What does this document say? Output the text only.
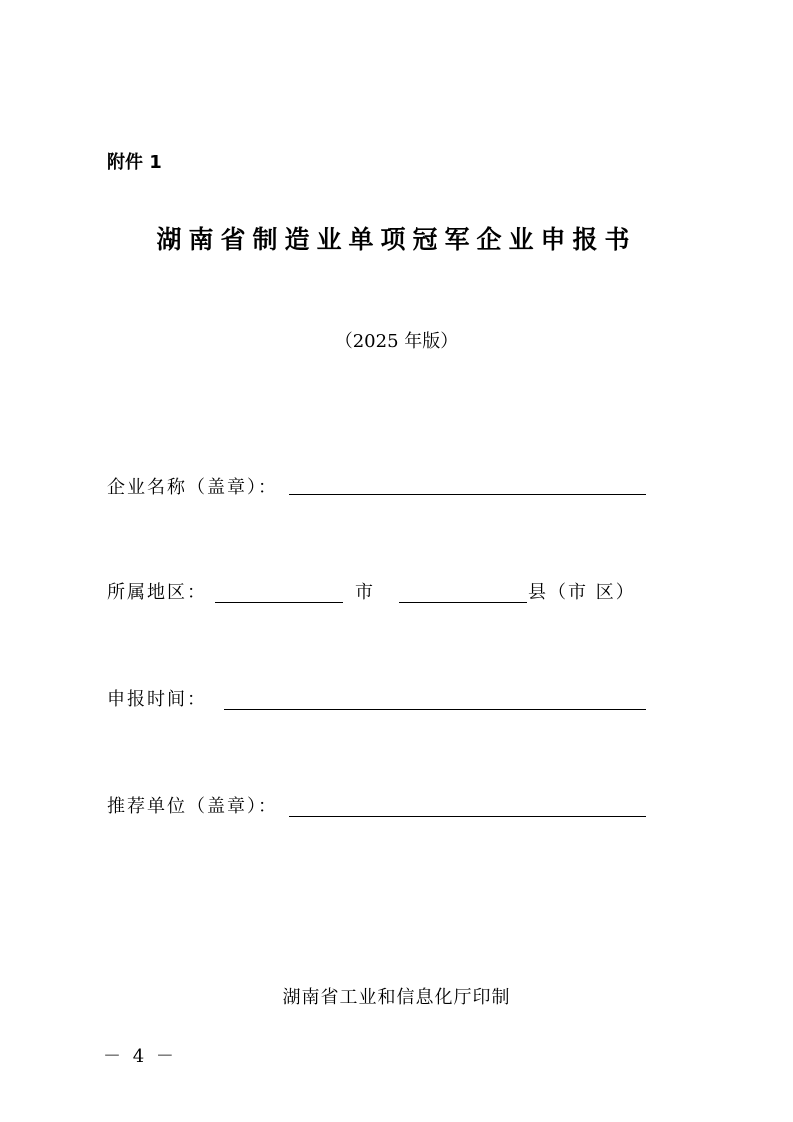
附件 1
湖南省制造业单项冠军企业申报书
（2025 年版）
企业名称（盖章）：
所属地区：	市	县（市 区）
申报时间：
推荐单位（盖章）：
湖南省工业和信息化厅印制
－ 4 －
